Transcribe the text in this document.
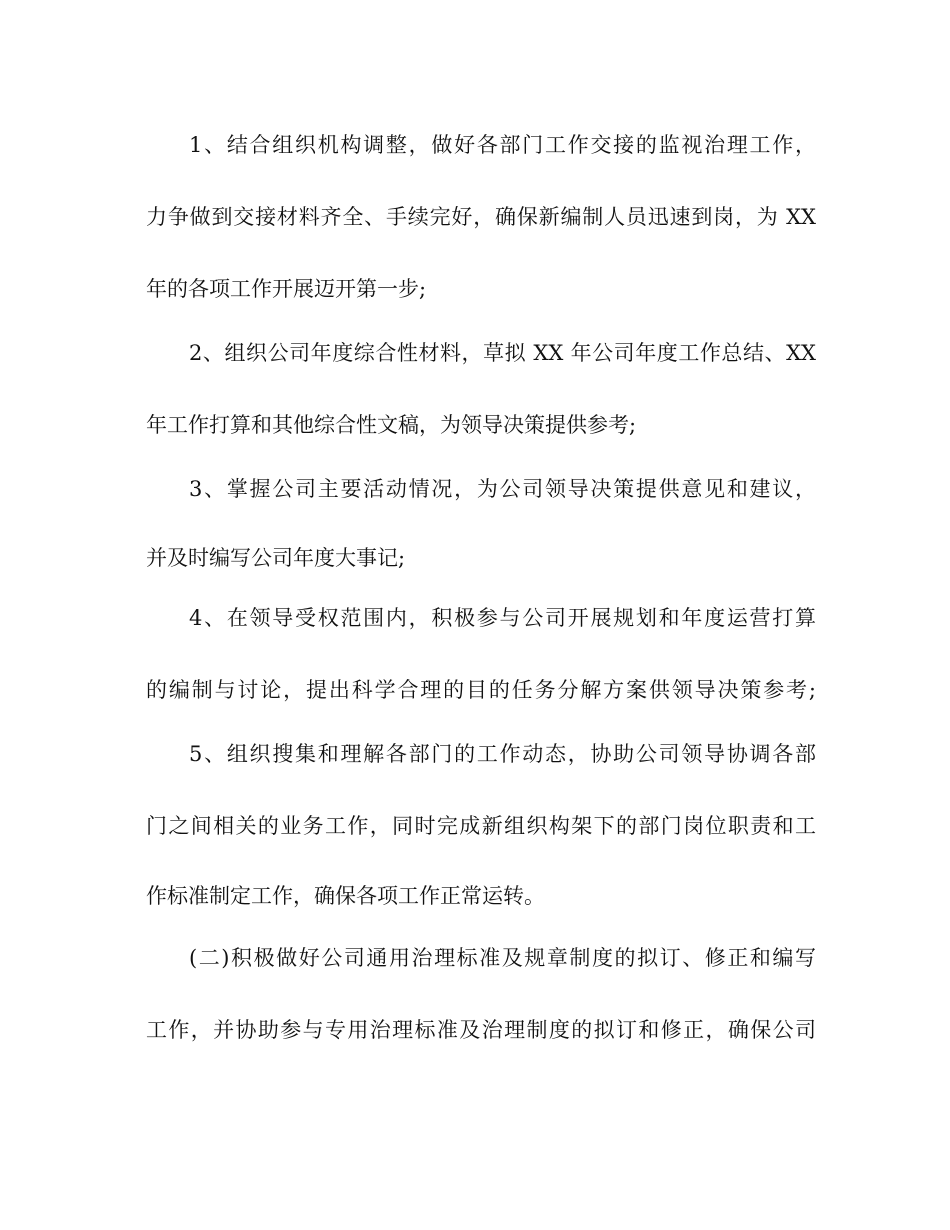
1、结合组织机构调整，做好各部门工作交接的监视治理工作，
力争做到交接材料齐全、手续完好，确保新编制人员迅速到岗，为 XX
年的各项工作开展迈开第一步;
2、组织公司年度综合性材料，草拟 XX 年公司年度工作总结、XX
年工作打算和其他综合性文稿，为领导决策提供参考;
3、掌握公司主要活动情况，为公司领导决策提供意见和建议，
并及时编写公司年度大事记;
4、在领导受权范围内，积极参与公司开展规划和年度运营打算
的编制与讨论，提出科学合理的目的任务分解方案供领导决策参考;
5、组织搜集和理解各部门的工作动态，协助公司领导协调各部
门之间相关的业务工作，同时完成新组织构架下的部门岗位职责和工
作标准制定工作，确保各项工作正常运转。
(二)积极做好公司通用治理标准及规章制度的拟订、修正和编写
工作，并协助参与专用治理标准及治理制度的拟订和修正，确保公司
